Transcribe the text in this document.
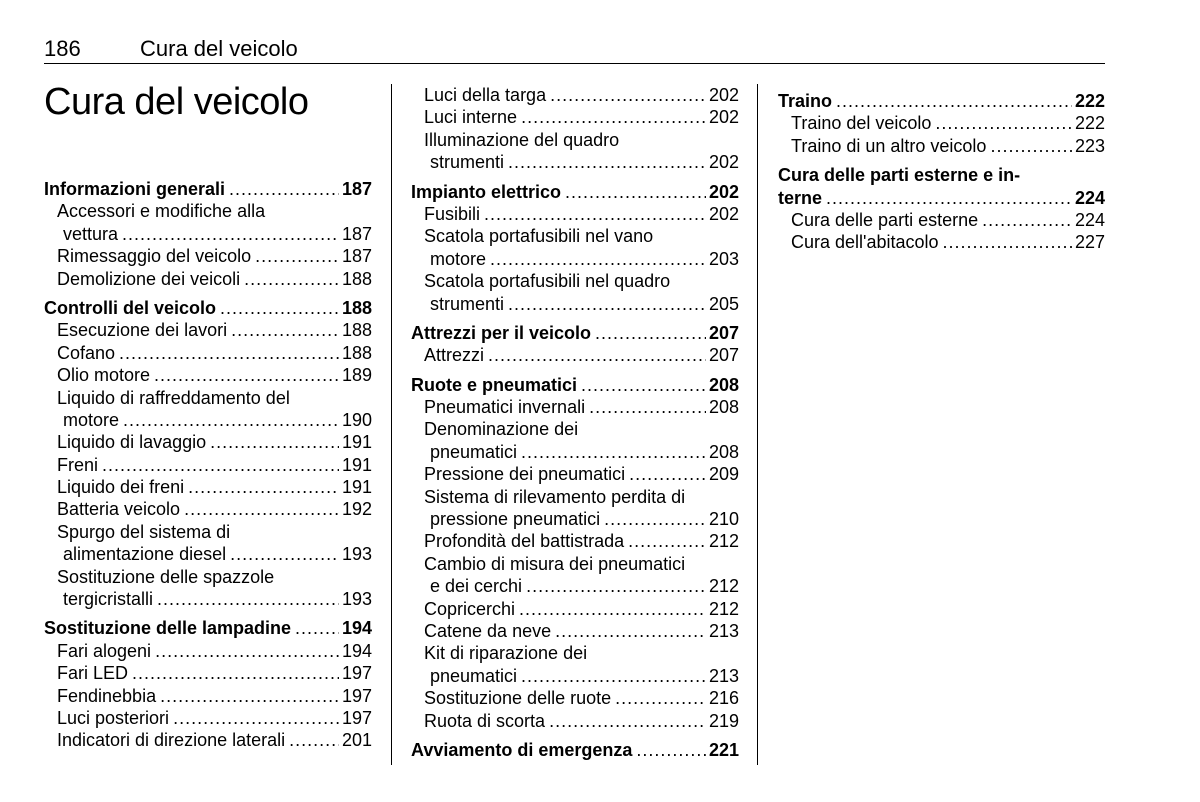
186	Cura del veicolo
Cura del veicolo
Informazioni generali .....	187
Accessori e modifiche alla
vettura .....	187
Rimessaggio del veicolo .....	187
Demolizione dei veicoli .....	188
Controlli del veicolo .....	188
Esecuzione dei lavori .....	188
Cofano .....	188
Olio motore .....	189
Liquido di raffreddamento del
motore .....	190
Liquido di lavaggio .....	191
Freni .....	191
Liquido dei freni .....	191
Batteria veicolo .....	192
Spurgo del sistema di
alimentazione diesel .....	193
Sostituzione delle spazzole
tergicristalli .....	193
Sostituzione delle lampadine .....	194
Fari alogeni .....	194
Fari LED .....	197
Fendinebbia .....	197
Luci posteriori .....	197
Indicatori di direzione laterali .....	201
Luci della targa .....	202
Luci interne .....	202
Illuminazione del quadro
strumenti .....	202
Impianto elettrico .....	202
Fusibili .....	202
Scatola portafusibili nel vano
motore .....	203
Scatola portafusibili nel quadro
strumenti .....	205
Attrezzi per il veicolo .....	207
Attrezzi .....	207
Ruote e pneumatici .....	208
Pneumatici invernali .....	208
Denominazione dei
pneumatici .....	208
Pressione dei pneumatici .....	209
Sistema di rilevamento perdita di
pressione pneumatici .....	210
Profondità del battistrada .....	212
Cambio di misura dei pneumatici
e dei cerchi .....	212
Copricerchi .....	212
Catene da neve .....	213
Kit di riparazione dei
pneumatici .....	213
Sostituzione delle ruote .....	216
Ruota di scorta .....	219
Avviamento di emergenza .....	221
Traino .....	222
Traino del veicolo .....	222
Traino di un altro veicolo .....	223
Cura delle parti esterne e in-
terne .....	224
Cura delle parti esterne .....	224
Cura dell'abitacolo .....	227
